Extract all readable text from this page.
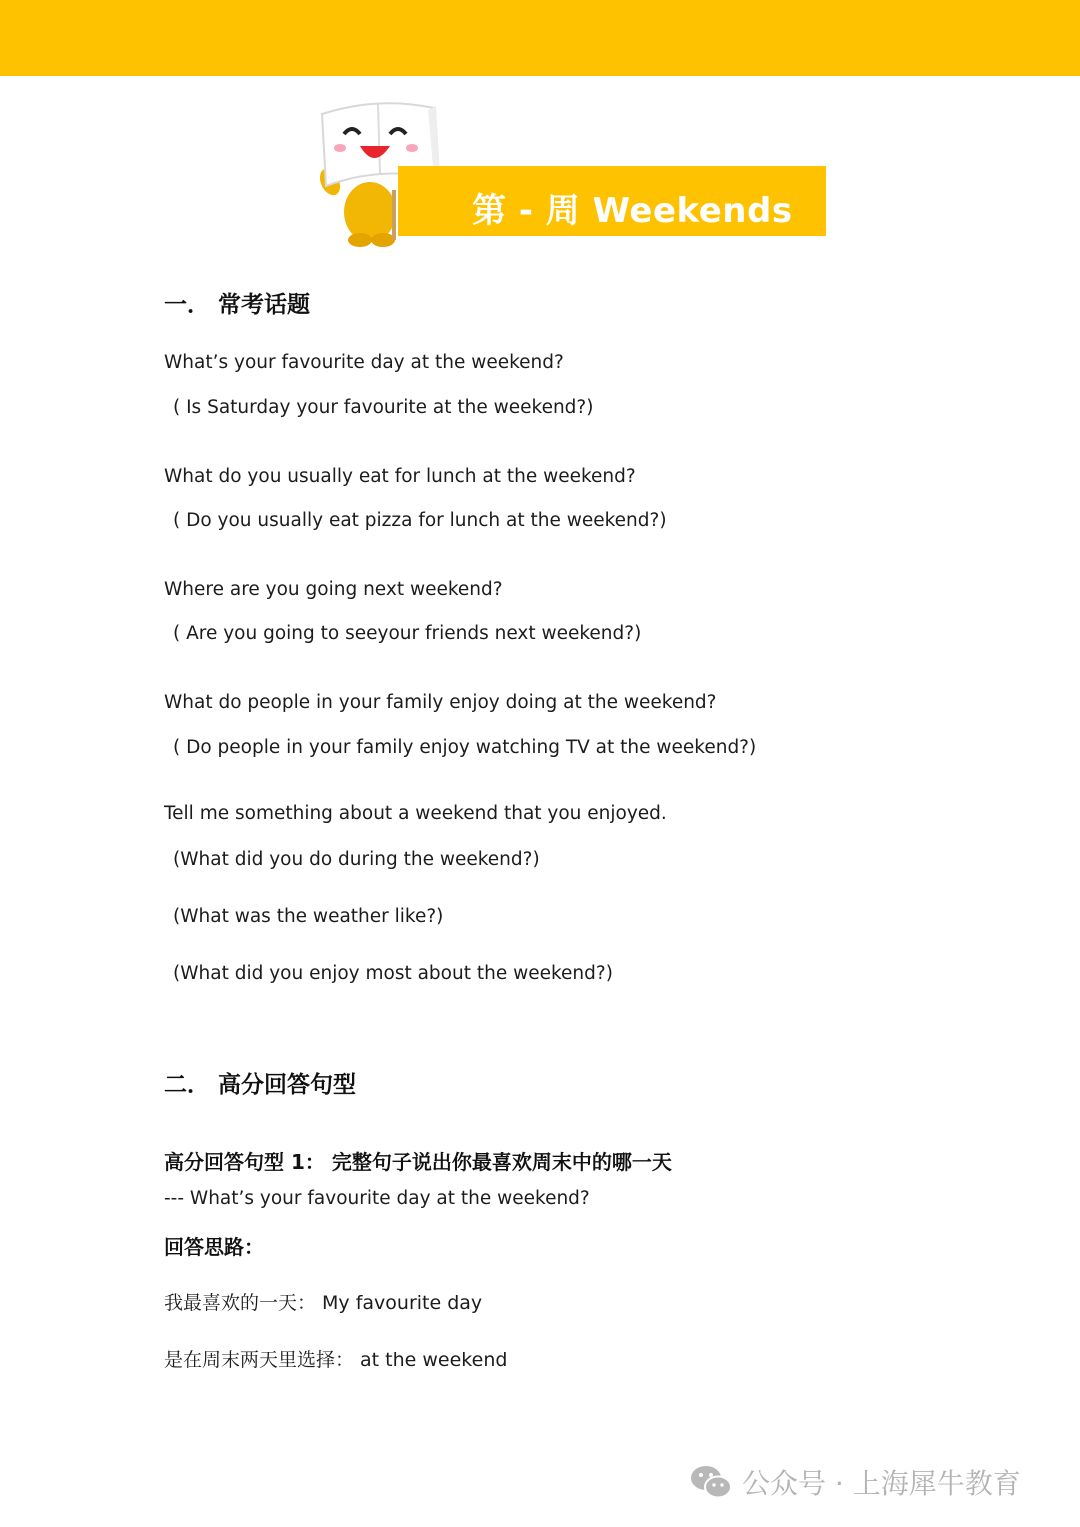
第 - 周 Weekends
一． 常考话题
What’s your favourite day at the weekend?
( Is Saturday your favourite at the weekend?)
What do you usually eat for lunch at the weekend?
( Do you usually eat pizza for lunch at the weekend?)
Where are you going next weekend?
( Are you going to seeyour friends next weekend?)
What do people in your family enjoy doing at the weekend?
( Do people in your family enjoy watching TV at the weekend?)
Tell me something about a weekend that you enjoyed.
(What did you do during the weekend?)
(What was the weather like?)
(What did you enjoy most about the weekend?)
二． 高分回答句型
高分回答句型 1： 完整句子说出你最喜欢周末中的哪一天
--- What’s your favourite day at the weekend?
回答思路：
我最喜欢的一天： My favourite day
是在周末两天里选择： at the weekend
公众号 · 上海犀牛教育
